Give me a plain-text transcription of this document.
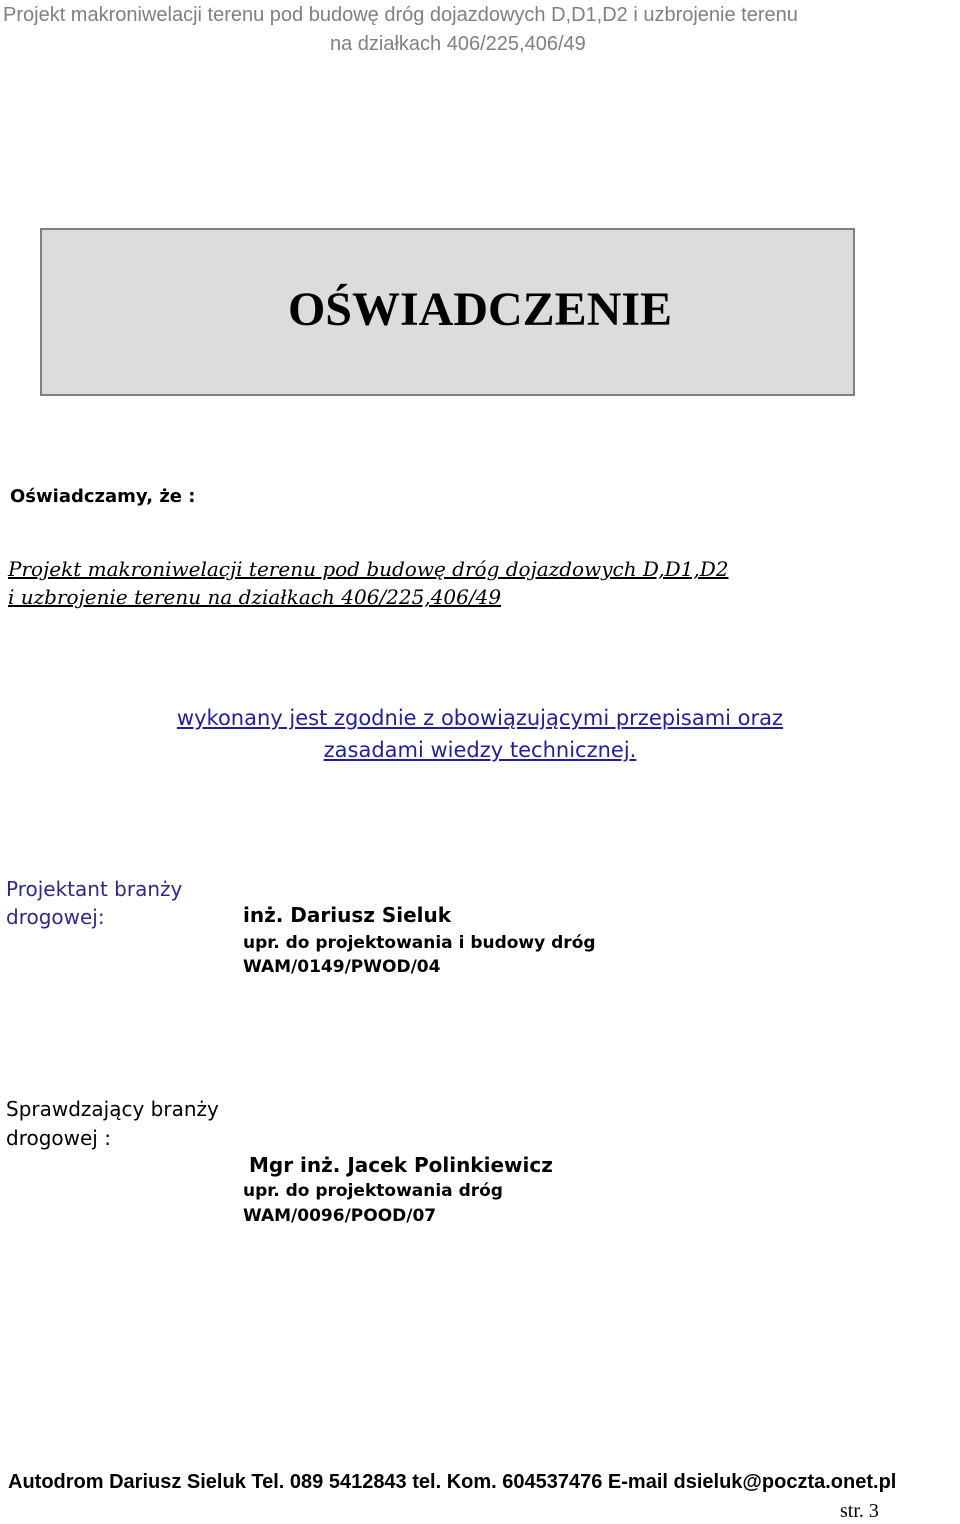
Projekt makroniwelacji terenu pod budowę dróg dojazdowych D,D1,D2 i uzbrojenie terenu
na działkach 406/225,406/49
OŚWIADCZENIE
Oświadczamy, że :
Projekt makroniwelacji terenu pod budowę dróg dojazdowych D,D1,D2
i uzbrojenie terenu na działkach 406/225,406/49
wykonany jest zgodnie z obowiązującymi przepisami oraz
zasadami wiedzy technicznej.
Projektant branży
drogowej:	inż. Dariusz Sieluk
upr. do projektowania i budowy dróg
WAM/0149/PWOD/04
Sprawdzający branży
drogowej :
Mgr inż. Jacek Polinkiewicz
upr. do projektowania dróg
WAM/0096/POOD/07
Autodrom Dariusz Sieluk Tel. 089 5412843 tel. Kom. 604537476 E-mail dsieluk@poczta.onet.pl
str. 3
